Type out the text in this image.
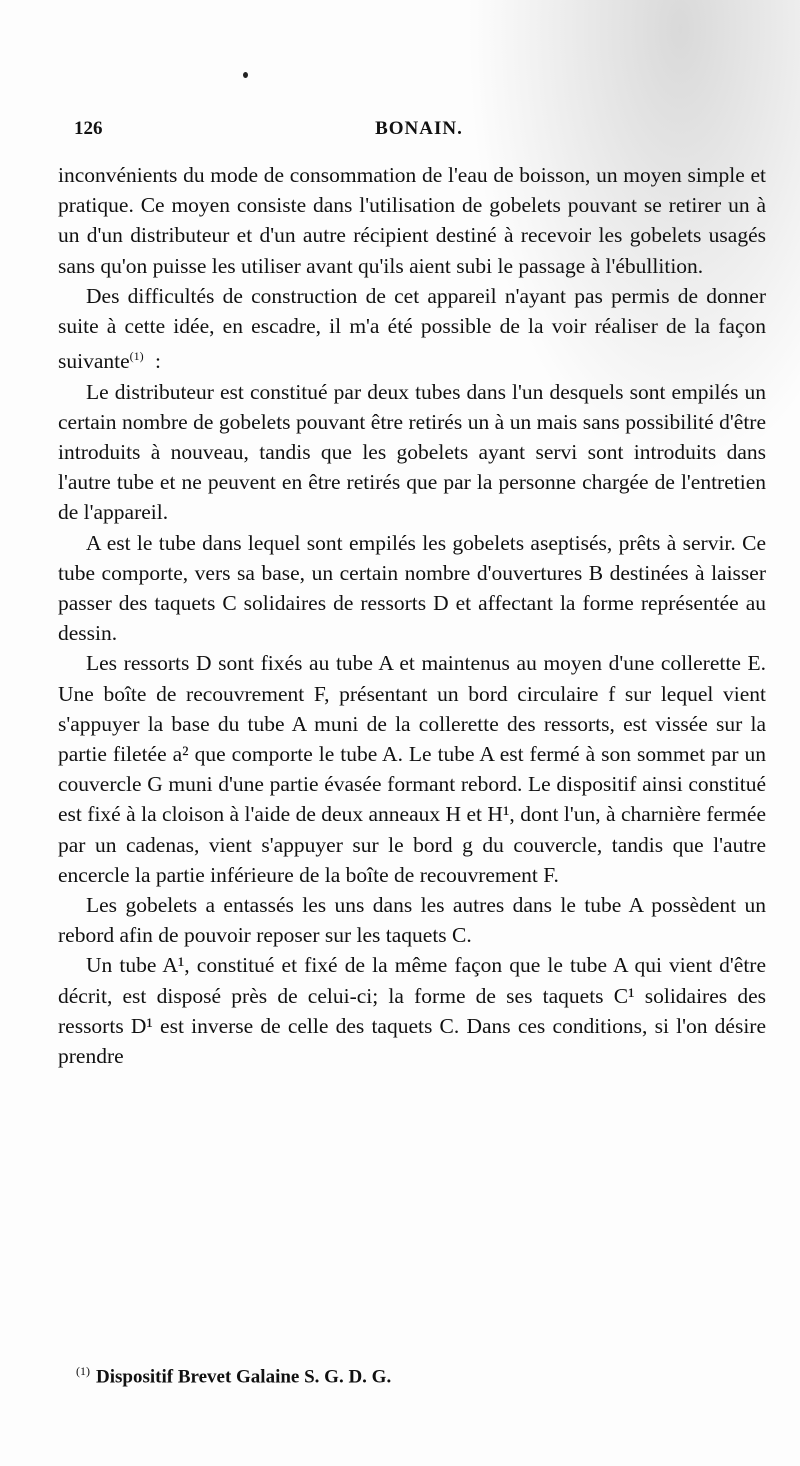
126	BONAIN.

inconvénients du mode de consommation de l'eau de boisson, un moyen simple et pratique. Ce moyen consiste dans l'utilisation de gobelets pouvant se retirer un à un d'un distributeur et d'un autre récipient destiné à recevoir les gobelets usagés sans qu'on puisse les utiliser avant qu'ils aient subi le passage à l'ébullition.

Des difficultés de construction de cet appareil n'ayant pas permis de donner suite à cette idée, en escadre, il m'a été possible de la voir réaliser de la façon suivante$^{(1)}$ :

Le distributeur est constitué par deux tubes dans l'un desquels sont empilés un certain nombre de gobelets pouvant être retirés un à un mais sans possibilité d'être introduits à nouveau, tandis que les gobelets ayant servi sont introduits dans l'autre tube et ne peuvent en être retirés que par la personne chargée de l'entretien de l'appareil.

A est le tube dans lequel sont empilés les gobelets aseptisés, prêts à servir. Ce tube comporte, vers sa base, un certain nombre d'ouvertures B destinées à laisser passer des taquets C solidaires de ressorts D et affectant la forme représentée au dessin.

Les ressorts D sont fixés au tube A et maintenus au moyen d'une collerette E. Une boîte de recouvrement F, présentant un bord circulaire f sur lequel vient s'appuyer la base du tube A muni de la collerette des ressorts, est vissée sur la partie filetée a² que comporte le tube A. Le tube A est fermé à son sommet par un couvercle G muni d'une partie évasée formant rebord. Le dispositif ainsi constitué est fixé à la cloison à l'aide de deux anneaux H et H¹, dont l'un, à charnière fermée par un cadenas, vient s'appuyer sur le bord g du couvercle, tandis que l'autre encercle la partie inférieure de la boîte de recouvrement F.

Les gobelets a entassés les uns dans les autres dans le tube A possèdent un rebord afin de pouvoir reposer sur les taquets C.

Un tube A¹, constitué et fixé de la même façon que le tube A qui vient d'être décrit, est disposé près de celui-ci; la forme de ses taquets C¹ solidaires des ressorts D¹ est inverse de celle des taquets C. Dans ces conditions, si l'on désire prendre

$^{(1)}$ Dispositif Brevet Galaine S. G. D. G.
